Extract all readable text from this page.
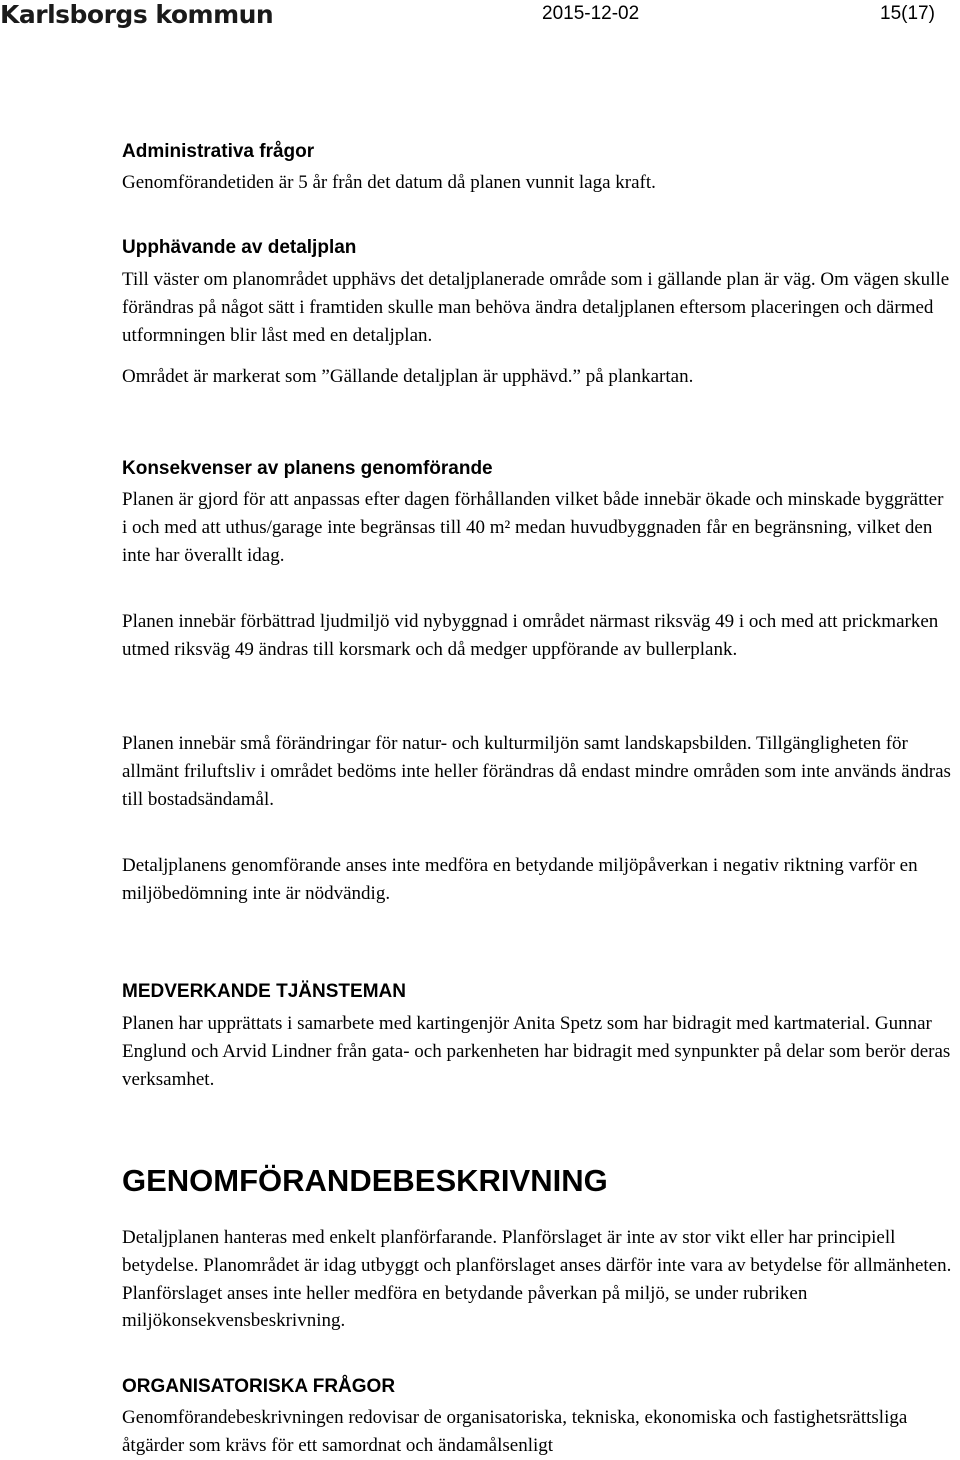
Karlsborgs kommun	2015-12-02	15(17)
Administrativa frågor

Genomförandetiden är 5 år från det datum då planen vunnit laga kraft.

Upphävande av detaljplan

Till väster om planområdet upphävs det detaljplanerade område som i gällande plan är väg. Om vägen skulle förändras på något sätt i framtiden skulle man behöva ändra detaljplanen eftersom placeringen och därmed utformningen blir låst med en detaljplan.

Området är markerat som ”Gällande detaljplan är upphävd.” på plankartan.

Konsekvenser av planens genomförande

Planen är gjord för att anpassas efter dagen förhållanden vilket både innebär ökade och minskade byggrätter i och med att uthus/garage inte begränsas till 40 m² medan huvudbyggnaden får en begränsning, vilket den inte har överallt idag.

Planen innebär förbättrad ljudmiljö vid nybyggnad i området närmast riksväg 49 i och med att prickmarken utmed riksväg 49 ändras till korsmark och då medger uppförande av bullerplank.

Planen innebär små förändringar för natur- och kulturmiljön samt landskapsbilden. Tillgängligheten för allmänt friluftsliv i området bedöms inte heller förändras då endast mindre områden som inte används ändras till bostadsändamål.

Detaljplanens genomförande anses inte medföra en betydande miljöpåverkan i negativ riktning varför en miljöbedömning inte är nödvändig.

MEDVERKANDE TJÄNSTEMAN

Planen har upprättats i samarbete med kartingenjör Anita Spetz som har bidragit med kartmaterial. Gunnar Englund och Arvid Lindner från gata- och parkenheten har bidragit med synpunkter på delar som berör deras verksamhet.

GENOMFÖRANDEBESKRIVNING

Detaljplanen hanteras med enkelt planförfarande. Planförslaget är inte av stor vikt eller har principiell betydelse. Planområdet är idag utbyggt och planförslaget anses därför inte vara av betydelse för allmänheten. Planförslaget anses inte heller medföra en betydande påverkan på miljö, se under rubriken miljökonsekvensbeskrivning.

ORGANISATORISKA FRÅGOR

Genomförandebeskrivningen redovisar de organisatoriska, tekniska, ekonomiska och fastighetsrättsliga åtgärder som krävs för ett samordnat och ändamålsenligt
